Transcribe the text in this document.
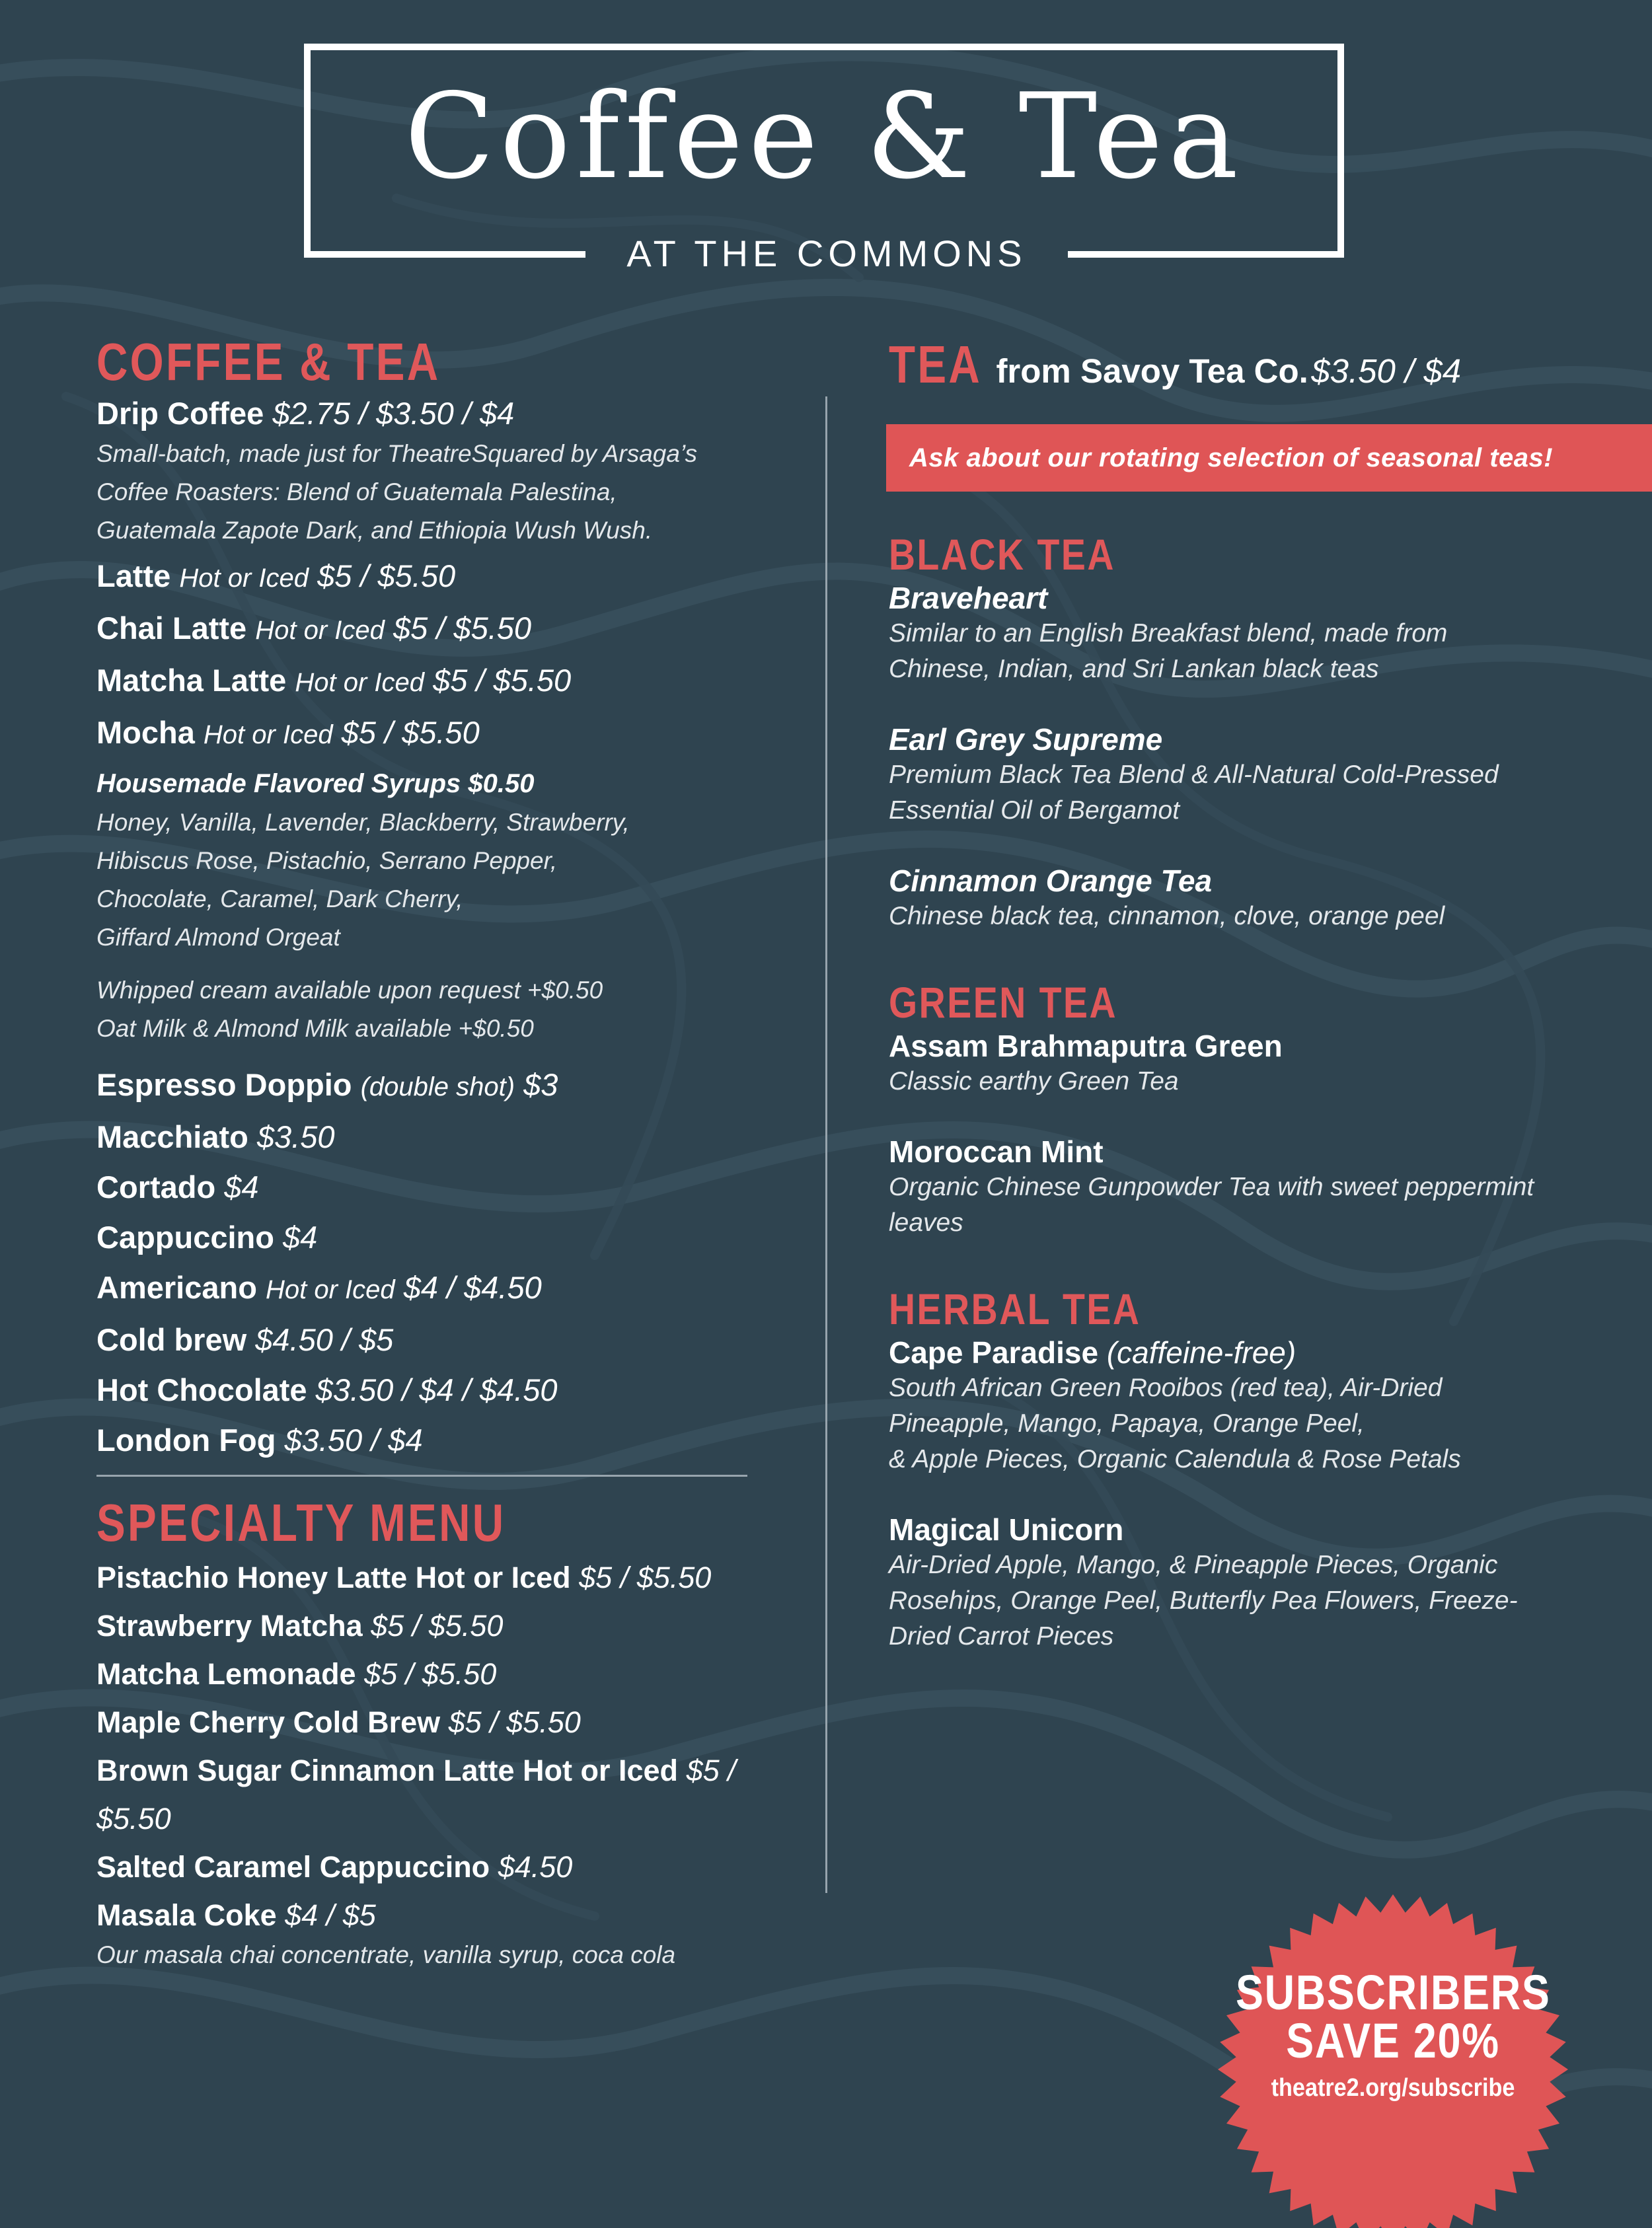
Coffee & Tea
AT THE COMMONS
COFFEE & TEA
Drip Coffee $2.75 / $3.50 / $4
Small-batch, made just for TheatreSquared by Arsaga’s
Coffee Roasters: Blend of Guatemala Palestina,
Guatemala Zapote Dark, and Ethiopia Wush Wush.
Latte Hot or Iced $5 / $5.50
Chai Latte Hot or Iced $5 / $5.50
Matcha Latte Hot or Iced $5 / $5.50
Mocha Hot or Iced $5 / $5.50
Housemade Flavored Syrups $0.50
Honey, Vanilla, Lavender, Blackberry, Strawberry,
Hibiscus Rose, Pistachio, Serrano Pepper,
Chocolate, Caramel, Dark Cherry,
Giffard Almond Orgeat
Whipped cream available upon request +$0.50
Oat Milk & Almond Milk available +$0.50
Espresso Doppio (double shot) $3
Macchiato $3.50
Cortado $4
Cappuccino $4
Americano Hot or Iced $4 / $4.50
Cold brew $4.50 / $5
Hot Chocolate $3.50 / $4 / $4.50
London Fog $3.50 / $4
SPECIALTY MENU
Pistachio Honey Latte Hot or Iced $5 / $5.50
Strawberry Matcha $5 / $5.50
Matcha Lemonade $5 / $5.50
Maple Cherry Cold Brew $5 / $5.50
Brown Sugar Cinnamon Latte Hot or Iced $5 / $5.50
Salted Caramel Cappuccino $4.50
Masala Coke $4 / $5
Our masala chai concentrate, vanilla syrup, coca cola
TEA from Savoy Tea Co. $3.50 / $4
Ask about our rotating selection of seasonal teas!
BLACK TEA
Braveheart
Similar to an English Breakfast blend, made from
Chinese, Indian, and Sri Lankan black teas
Earl Grey Supreme
Premium Black Tea Blend & All-Natural Cold-Pressed
Essential Oil of Bergamot
Cinnamon Orange Tea
Chinese black tea, cinnamon, clove, orange peel
GREEN TEA
Assam Brahmaputra Green
Classic earthy Green Tea
Moroccan Mint
Organic Chinese Gunpowder Tea with sweet peppermint
leaves
HERBAL TEA
Cape Paradise (caffeine-free)
South African Green Rooibos (red tea), Air-Dried
Pineapple, Mango, Papaya, Orange Peel,
& Apple Pieces, Organic Calendula & Rose Petals
Magical Unicorn
Air-Dried Apple, Mango, & Pineapple Pieces, Organic
Rosehips, Orange Peel, Butterfly Pea Flowers, Freeze-
Dried Carrot Pieces
SUBSCRIBERS
SAVE 20%
theatre2.org/subscribe
